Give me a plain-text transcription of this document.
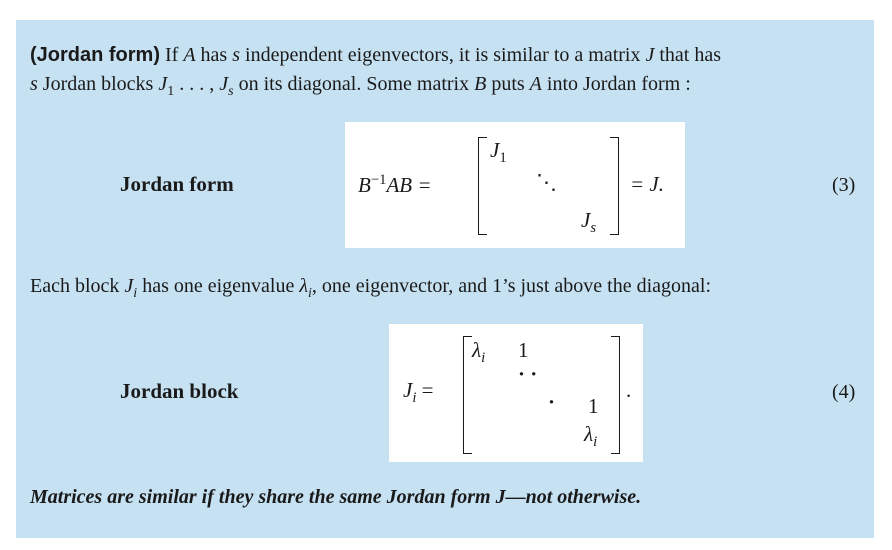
(Jordan form) If A has s independent eigenvectors, it is similar to a matrix J that has
s Jordan blocks $J_1$ . . . , $J_s$ on its diagonal. Some matrix B puts A into Jordan form :
Jordan form	$B^{-1}AB$ =
$J_1$
⋱
$J_s$
= J.	(3)
Each block $J_i$ has one eigenvalue $\lambda_i$, one eigenvector, and 1’s just above the diagonal:
Jordan block	$J_i$ =
$\lambda_i$ 1
· ·
· 1
$\lambda_i$
.	(4)
Matrices are similar if they share the same Jordan form J—not otherwise.
